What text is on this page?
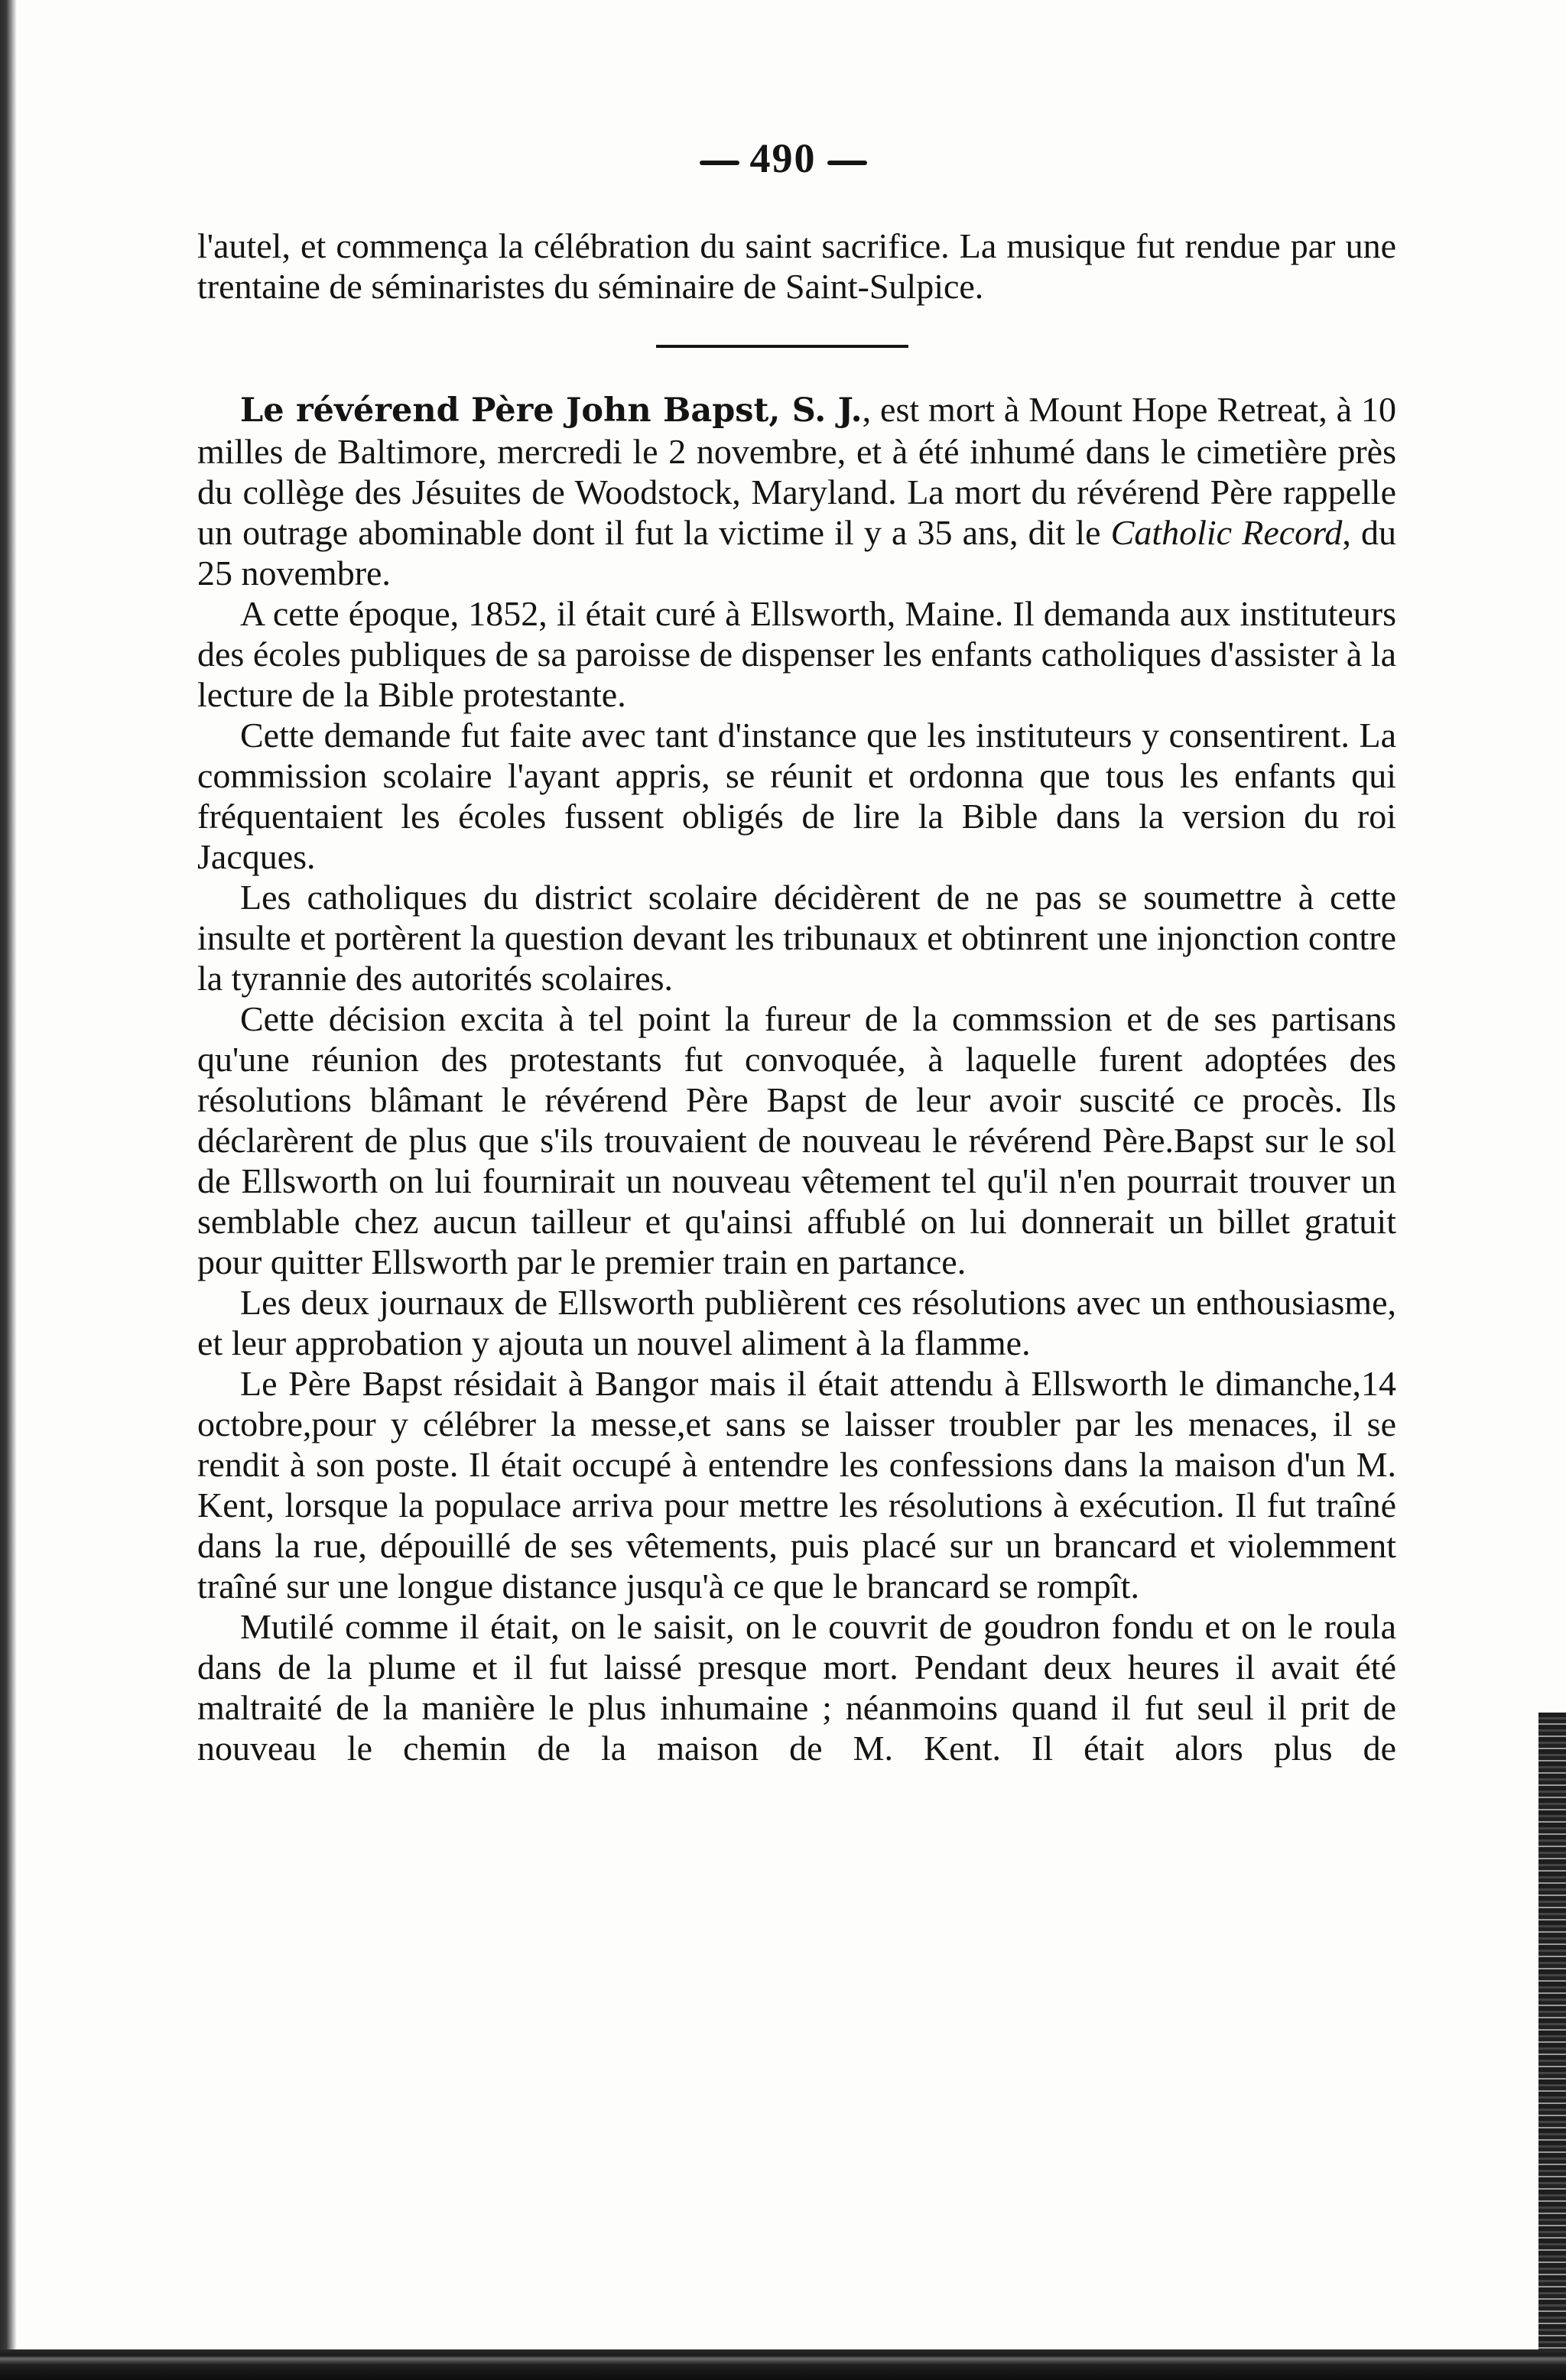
490

l'autel, et commença la célébration du saint sacrifice. La musique fut rendue par une trentaine de séminaristes du séminaire de Saint-Sulpice.

Le révérend Père John Bapst, S. J., est mort à Mount Hope Retreat, à 10 milles de Baltimore, mercredi le 2 novembre, et à été inhumé dans le cimetière près du collège des Jésuites de Woodstock, Maryland. La mort du révérend Père rappelle un outrage abominable dont il fut la victime il y a 35 ans, dit le Catholic Record, du 25 novembre.

A cette époque, 1852, il était curé à Ellsworth, Maine. Il demanda aux instituteurs des écoles publiques de sa paroisse de dispenser les enfants catholiques d'assister à la lecture de la Bible protestante.

Cette demande fut faite avec tant d'instance que les instituteurs y consentirent. La commission scolaire l'ayant appris, se réunit et ordonna que tous les enfants qui fréquentaient les écoles fussent obligés de lire la Bible dans la version du roi Jacques.

Les catholiques du district scolaire décidèrent de ne pas se soumettre à cette insulte et portèrent la question devant les tribunaux et obtinrent une injonction contre la tyrannie des autorités scolaires.

Cette décision excita à tel point la fureur de la commssion et de ses partisans qu'une réunion des protestants fut convoquée, à laquelle furent adoptées des résolutions blâmant le révérend Père Bapst de leur avoir suscité ce procès. Ils déclarèrent de plus que s'ils trouvaient de nouveau le révérend Père.Bapst sur le sol de Ellsworth on lui fournirait un nouveau vêtement tel qu'il n'en pourrait trouver un semblable chez aucun tailleur et qu'ainsi affublé on lui donnerait un billet gratuit pour quitter Ellsworth par le premier train en partance.

Les deux journaux de Ellsworth publièrent ces résolutions avec un enthousiasme, et leur approbation y ajouta un nouvel aliment à la flamme.

Le Père Bapst résidait à Bangor mais il était attendu à Ellsworth le dimanche,14 octobre,pour y célébrer la messe,et sans se laisser troubler par les menaces, il se rendit à son poste. Il était occupé à entendre les confessions dans la maison d'un M. Kent, lorsque la populace arriva pour mettre les résolutions à exécution. Il fut traîné dans la rue, dépouillé de ses vêtements, puis placé sur un brancard et violemment traîné sur une longue distance jusqu'à ce que le brancard se rompît.

Mutilé comme il était, on le saisit, on le couvrit de goudron fondu et on le roula dans de la plume et il fut laissé presque mort. Pendant deux heures il avait été maltraité de la manière le plus inhumaine ; néanmoins quand il fut seul il prit de nouveau le chemin de la maison de M. Kent. Il était alors plus de
